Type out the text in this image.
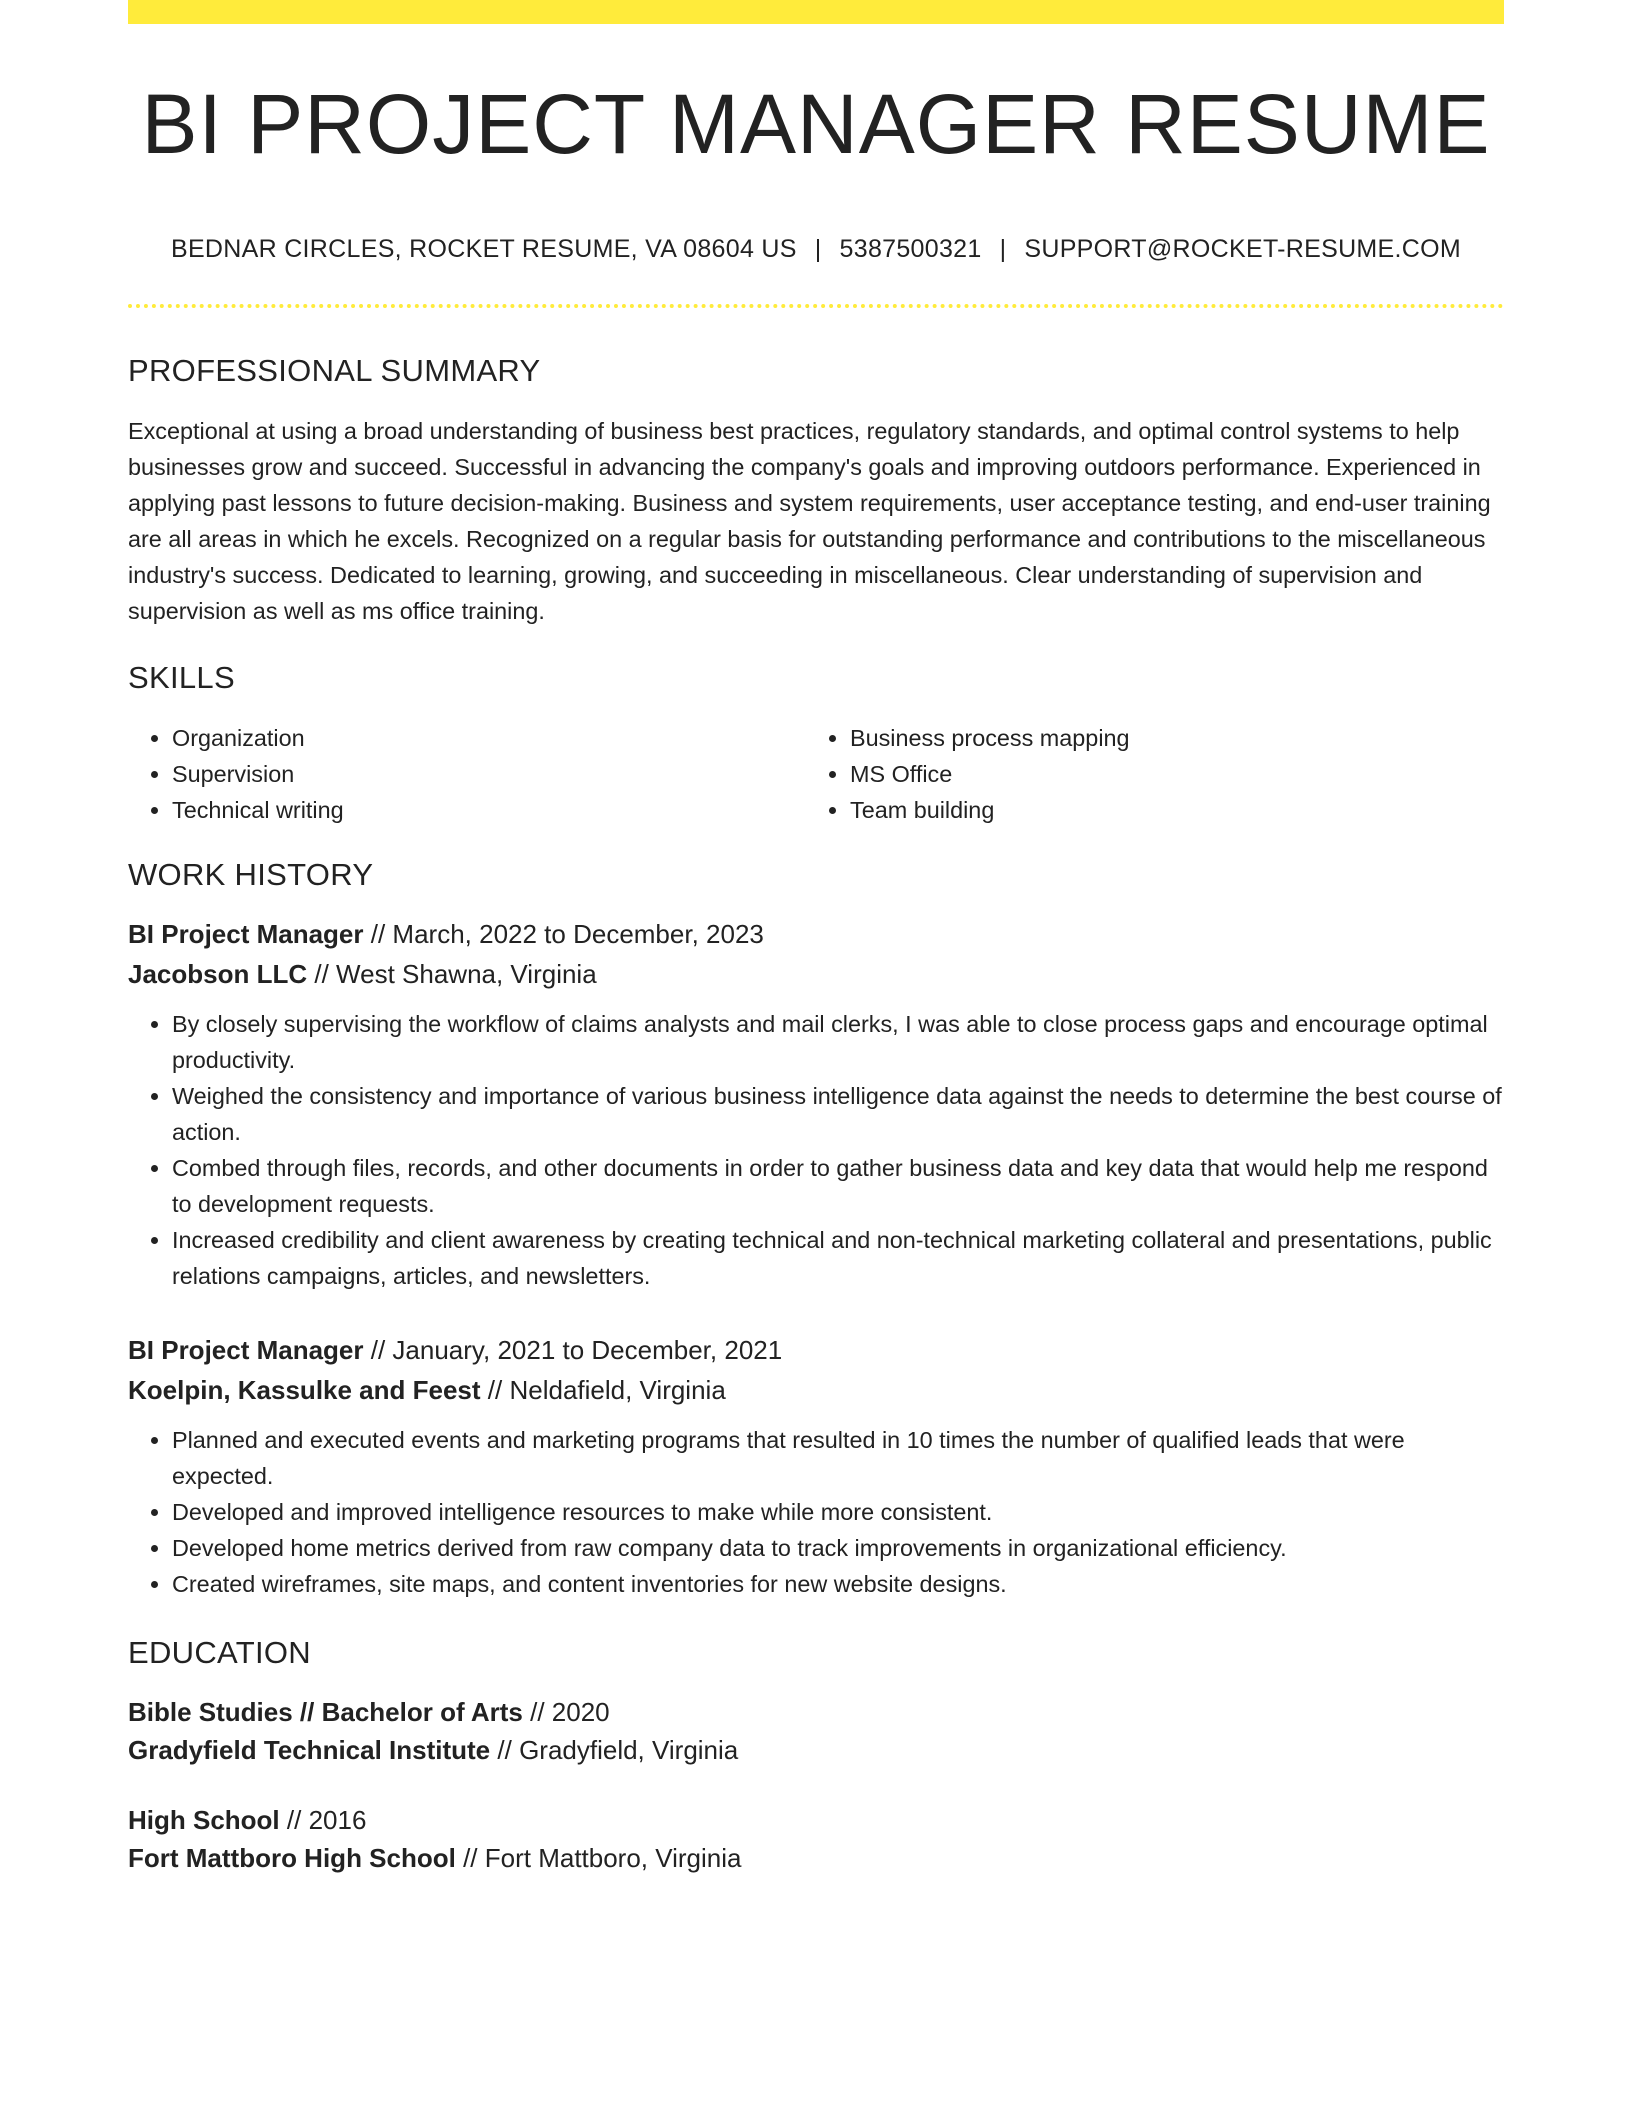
BI PROJECT MANAGER RESUME
BEDNAR CIRCLES, ROCKET RESUME, VA 08604 US | 5387500321 | SUPPORT@ROCKET-RESUME.COM
PROFESSIONAL SUMMARY

Exceptional at using a broad understanding of business best practices, regulatory standards, and optimal control systems to help businesses grow and succeed. Successful in advancing the company's goals and improving outdoors performance. Experienced in applying past lessons to future decision-making. Business and system requirements, user acceptance testing, and end-user training are all areas in which he excels. Recognized on a regular basis for outstanding performance and contributions to the miscellaneous industry's success. Dedicated to learning, growing, and succeeding in miscellaneous. Clear understanding of supervision and supervision as well as ms office training.

SKILLS
• Organization
• Supervision
• Technical writing
• Business process mapping
• MS Office
• Team building
WORK HISTORY
BI Project Manager // March, 2022 to December, 2023
Jacobson LLC // West Shawna, Virginia
• By closely supervising the workflow of claims analysts and mail clerks, I was able to close process gaps and encourage optimal productivity.
• Weighed the consistency and importance of various business intelligence data against the needs to determine the best course of action.
• Combed through files, records, and other documents in order to gather business data and key data that would help me respond to development requests.
• Increased credibility and client awareness by creating technical and non-technical marketing collateral and presentations, public relations campaigns, articles, and newsletters.
BI Project Manager // January, 2021 to December, 2021
Koelpin, Kassulke and Feest // Neldafield, Virginia
• Planned and executed events and marketing programs that resulted in 10 times the number of qualified leads that were expected.
• Developed and improved intelligence resources to make while more consistent.
• Developed home metrics derived from raw company data to track improvements in organizational efficiency.
• Created wireframes, site maps, and content inventories for new website designs.
EDUCATION
Bible Studies // Bachelor of Arts // 2020
Gradyfield Technical Institute // Gradyfield, Virginia
High School // 2016
Fort Mattboro High School // Fort Mattboro, Virginia
